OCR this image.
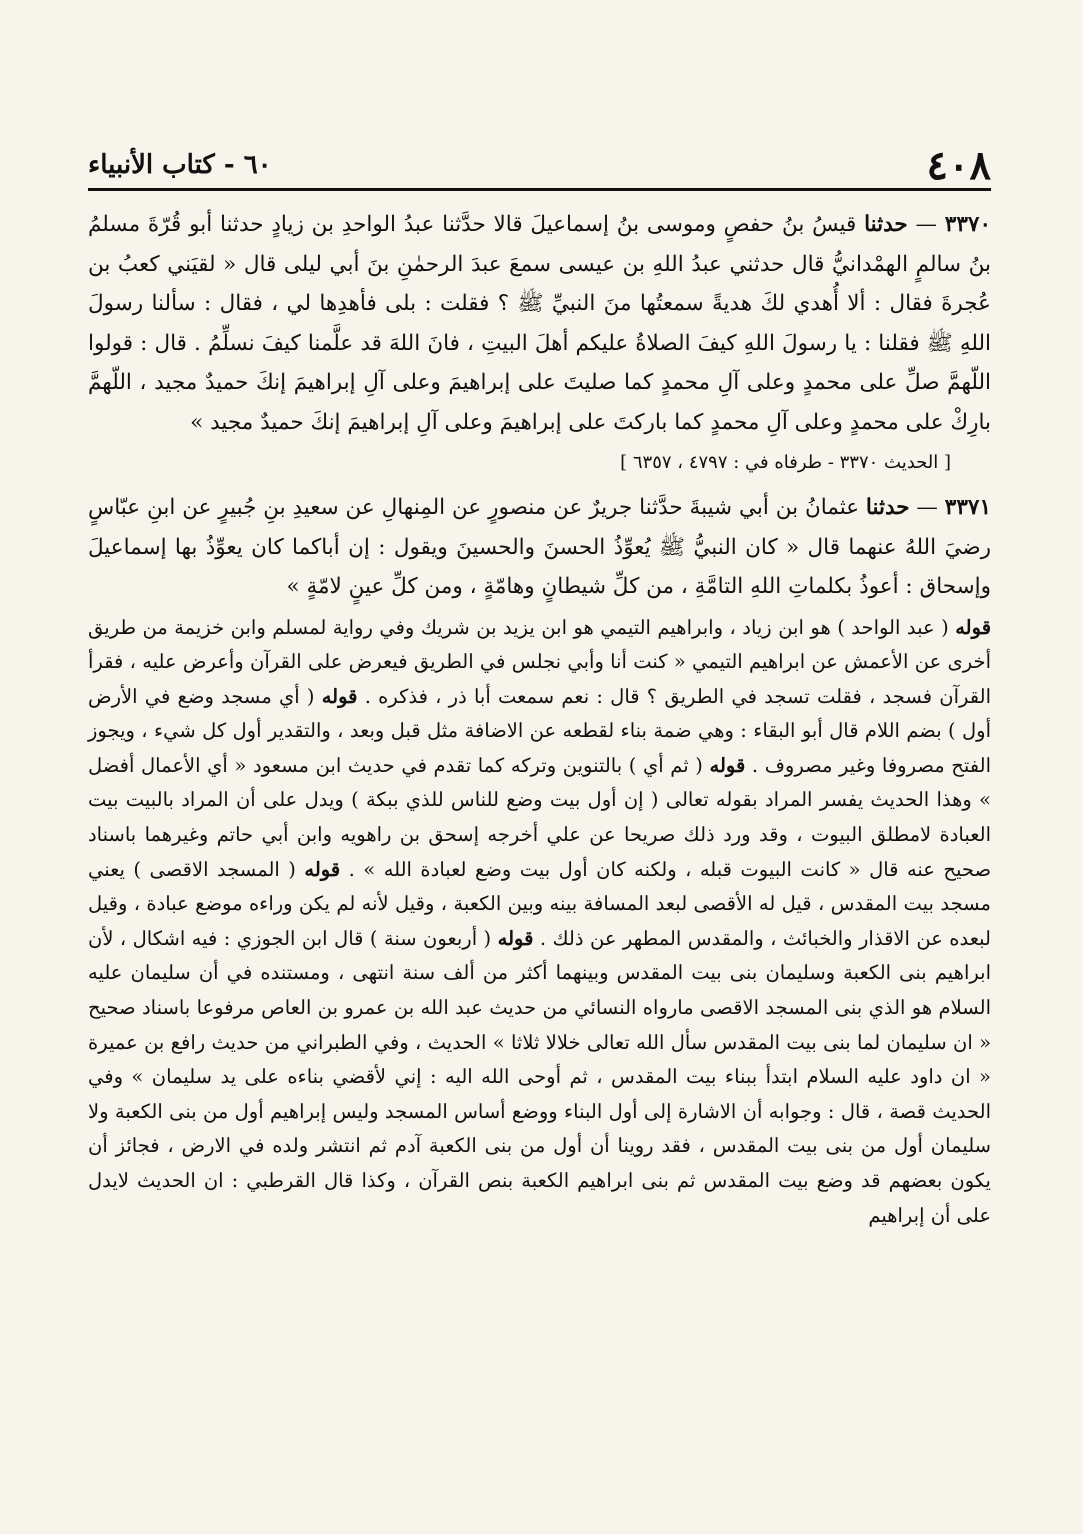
٤٠٨
٦٠ - كتاب الأنبياء

٣٣٧٠ — حدثنا قيسُ بنُ حفصٍ وموسى بنُ إسماعيلَ قالا حدَّثنا عبدُ الواحدِ بن زيادٍ حدثنا أبو قُرّةَ مسلمُ بنُ سالمٍ الهمْدانيُّ قال حدثني عبدُ اللهِ بن عيسى سمعَ عبدَ الرحمٰنِ بنَ أبي ليلى قال « لقيَني كعبُ بن عُجرةَ فقال : ألا أُهدي لكَ هديةً سمعتُها منَ النبيِّ ﷺ ؟ فقلت : بلى فأهدِها لي ، فقال : سألنا رسولَ اللهِ ﷺ فقلنا : يا رسولَ اللهِ كيفَ الصلاةُ عليكم أهلَ البيتِ ، فانَ اللهَ قد علَّمنا كيفَ نسلِّمُ . قال : قولوا اللّهمَّ صلِّ على محمدٍ وعلى آلِ محمدٍ كما صليتَ على إبراهيمَ وعلى آلِ إبراهيمَ إنكَ حميدٌ مجيد ، اللّهمَّ بارِكْ على محمدٍ وعلى آلِ محمدٍ كما باركتَ على إبراهيمَ وعلى آلِ إبراهيمَ إنكَ حميدٌ مجيد »

[ الحديث ٣٣٧٠ - طرفاه في : ٤٧٩٧ ، ٦٣٥٧ ]

٣٣٧١ — حدثنا عثمانُ بن أبي شيبةَ حدَّثنا جريرٌ عن منصورٍ عن المِنهالِ عن سعيدِ بنِ جُبيرٍ عن ابنِ عبّاسٍ رضيَ اللهُ عنهما قال « كان النبيُّ ﷺ يُعوِّذُ الحسنَ والحسينَ ويقول : إن أباكما كان يعوِّذُ بها إسماعيلَ وإسحاق : أعوذُ بكلماتِ اللهِ التامَّةِ ، من كلِّ شيطانٍ وهامّةٍ ، ومن كلِّ عينٍ لامّةٍ »

قوله ( عبد الواحد ) هو ابن زياد ، وابراهيم التيمي هو ابن يزيد بن شريك وفي رواية لمسلم وابن خزيمة من طريق أخرى عن الأعمش عن ابراهيم التيمي « كنت أنا وأبي نجلس في الطريق فيعرض على القرآن وأعرض عليه ، فقرأ القرآن فسجد ، فقلت تسجد في الطريق ؟ قال : نعم سمعت أبا ذر ، فذكره . قوله ( أي مسجد وضع في الأرض أول ) بضم اللام قال أبو البقاء : وهي ضمة بناء لقطعه عن الاضافة مثل قبل وبعد ، والتقدير أول كل شيء ، ويجوز الفتح مصروفا وغير مصروف . قوله ( ثم أي ) بالتنوين وتركه كما تقدم في حديث ابن مسعود « أي الأعمال أفضل » وهذا الحديث يفسر المراد بقوله تعالى ( إن أول بيت وضع للناس للذي ببكة ) ويدل على أن المراد بالبيت بيت العبادة لامطلق البيوت ، وقد ورد ذلك صريحا عن علي أخرجه إسحق بن راهويه وابن أبي حاتم وغيرهما باسناد صحيح عنه قال « كانت البيوت قبله ، ولكنه كان أول بيت وضع لعبادة الله » . قوله ( المسجد الاقصى ) يعني مسجد بيت المقدس ، قيل له الأقصى لبعد المسافة بينه وبين الكعبة ، وقيل لأنه لم يكن وراءه موضع عبادة ، وقيل لبعده عن الاقذار والخبائث ، والمقدس المطهر عن ذلك . قوله ( أربعون سنة ) قال ابن الجوزي : فيه اشكال ، لأن ابراهيم بنى الكعبة وسليمان بنى بيت المقدس وبينهما أكثر من ألف سنة انتهى ، ومستنده في أن سليمان عليه السلام هو الذي بنى المسجد الاقصى مارواه النسائي من حديث عبد الله بن عمرو بن العاص مرفوعا باسناد صحيح « ان سليمان لما بنى بيت المقدس سأل الله تعالى خلالا ثلاثا » الحديث ، وفي الطبراني من حديث رافع بن عميرة « ان داود عليه السلام ابتدأ ببناء بيت المقدس ، ثم أوحى الله اليه : إني لأقضي بناءه على يد سليمان » وفي الحديث قصة ، قال : وجوابه أن الاشارة إلى أول البناء ووضع أساس المسجد وليس إبراهيم أول من بنى الكعبة ولا سليمان أول من بنى بيت المقدس ، فقد روينا أن أول من بنى الكعبة آدم ثم انتشر ولده في الارض ، فجائز أن يكون بعضهم قد وضع بيت المقدس ثم بنى ابراهيم الكعبة بنص القرآن ، وكذا قال القرطبي : ان الحديث لايدل على أن إبراهيم
